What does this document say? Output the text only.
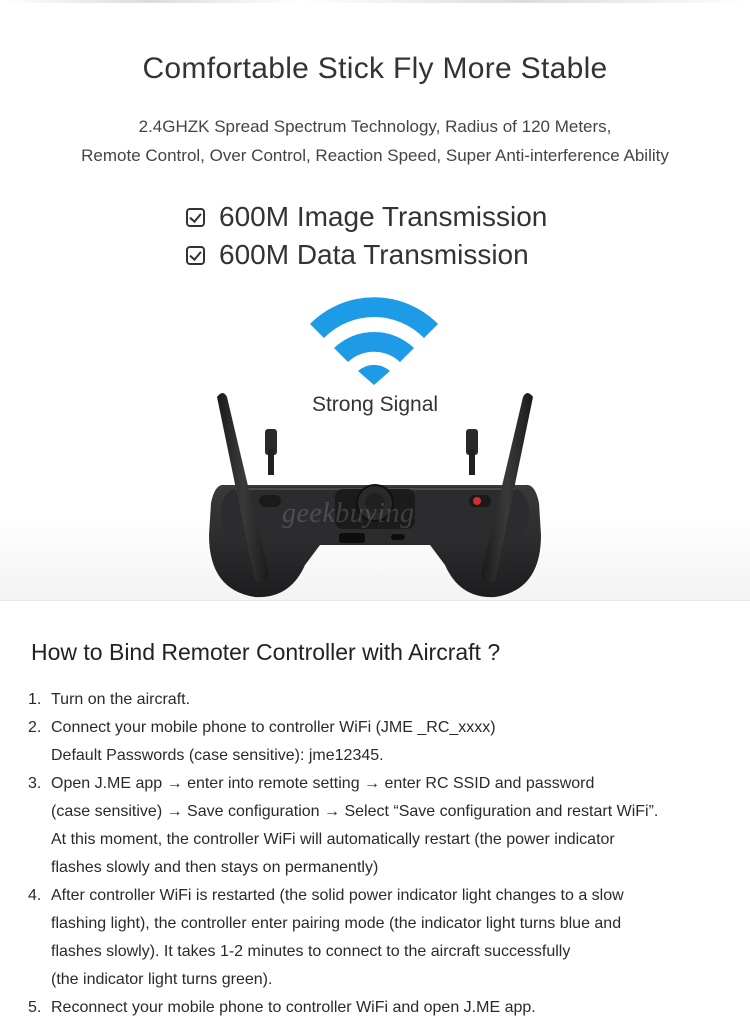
Comfortable Stick Fly More Stable
2.4GHZK Spread Spectrum Technology, Radius of 120 Meters,
Remote Control, Over Control, Reaction Speed, Super Anti-interference Ability
600M Image Transmission
600M Data Transmission
Strong Signal
geekbuying
How to Bind Remoter Controller with Aircraft ?
1. Turn on the aircraft.
2. Connect your mobile phone to controller WiFi (JME _RC_xxxx)
Default Passwords (case sensitive): jme12345.
3. Open J.ME app → enter into remote setting → enter RC SSID and password
(case sensitive) → Save configuration → Select “Save configuration and restart WiFi”.
At this moment, the controller WiFi will automatically restart (the power indicator
flashes slowly and then stays on permanently)
4. After controller WiFi is restarted (the solid power indicator light changes to a slow
flashing light), the controller enter pairing mode (the indicator light turns blue and
flashes slowly). It takes 1-2 minutes to connect to the aircraft successfully
(the indicator light turns green).
5. Reconnect your mobile phone to controller WiFi and open J.ME app.
